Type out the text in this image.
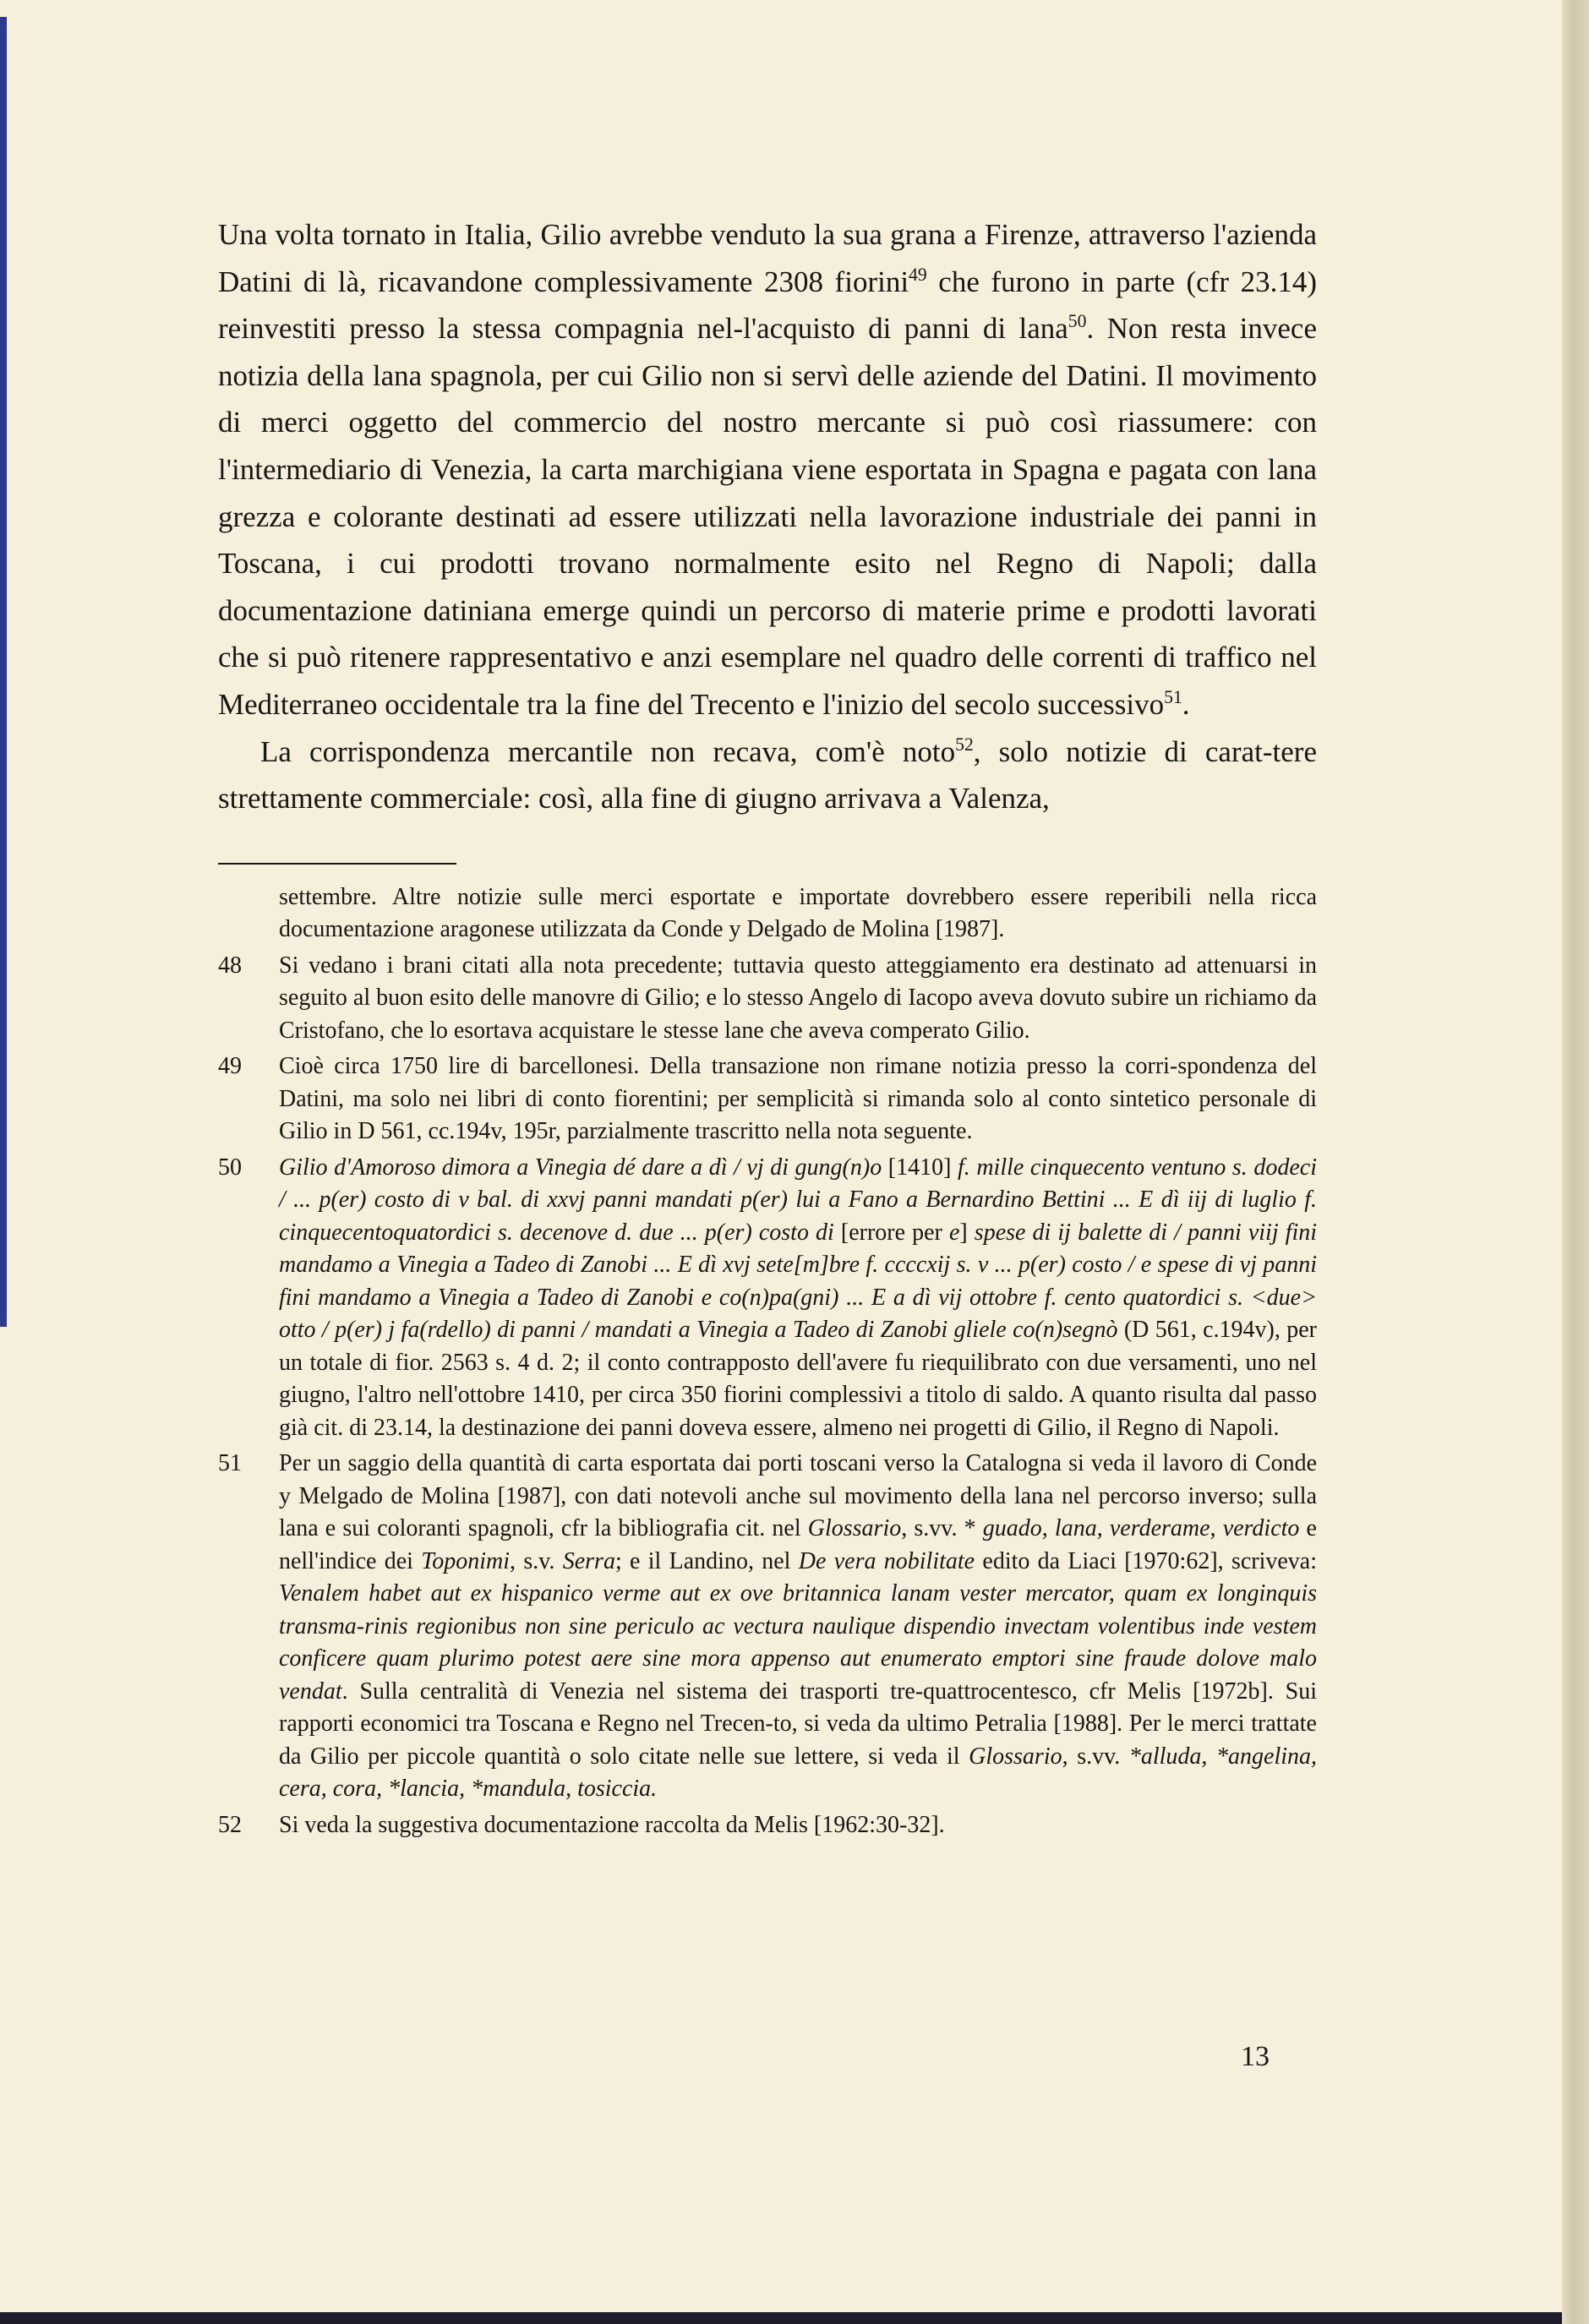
Una volta tornato in Italia, Gilio avrebbe venduto la sua grana a Firenze, attraverso l'azienda Datini di là, ricavandone complessivamente 2308 fiorini$^{49}$ che furono in parte (cfr 23.14) reinvestiti presso la stessa compagnia nel-l'acquisto di panni di lana$^{50}$. Non resta invece notizia della lana spagnola, per cui Gilio non si servì delle aziende del Datini. Il movimento di merci oggetto del commercio del nostro mercante si può così riassumere: con l'intermediario di Venezia, la carta marchigiana viene esportata in Spagna e pagata con lana grezza e colorante destinati ad essere utilizzati nella lavorazione industriale dei panni in Toscana, i cui prodotti trovano normalmente esito nel Regno di Napoli; dalla documentazione datiniana emerge quindi un percorso di materie prime e prodotti lavorati che si può ritenere rappresentativo e anzi esemplare nel quadro delle correnti di traffico nel Mediterraneo occidentale tra la fine del Trecento e l'inizio del secolo successivo$^{51}$.

La corrispondenza mercantile non recava, com'è noto$^{52}$, solo notizie di carat-tere strettamente commerciale: così, alla fine di giugno arrivava a Valenza,

settembre. Altre notizie sulle merci esportate e importate dovrebbero essere reperibili nella ricca documentazione aragonese utilizzata da Conde y Delgado de Molina [1987].
48 Si vedano i brani citati alla nota precedente; tuttavia questo atteggiamento era destinato ad attenuarsi in seguito al buon esito delle manovre di Gilio; e lo stesso Angelo di Iacopo aveva dovuto subire un richiamo da Cristofano, che lo esortava acquistare le stesse lane che aveva comperato Gilio.
49 Cioè circa 1750 lire di barcellonesi. Della transazione non rimane notizia presso la corri-spondenza del Datini, ma solo nei libri di conto fiorentini; per semplicità si rimanda solo al conto sintetico personale di Gilio in D 561, cc.194v, 195r, parzialmente trascritto nella nota seguente.
50 Gilio d'Amoroso dimora a Vinegia dé dare a dì / vj di gung(n)o [1410] f. mille cinquecento ventuno s. dodeci / ... p(er) costo di v bal. di xxvj panni mandati p(er) lui a Fano a Bernardino Bettini ... E dì iij di luglio f. cinquecentoquatordici s. decenove d. due ... p(er) costo di [errore per e] spese di ij balette di / panni viij fini mandamo a Vinegia a Tadeo di Zanobi ... E dì xvj sete[m]bre f. ccccxij s. v ... p(er) costo / e spese di vj panni fini mandamo a Vinegia a Tadeo di Zanobi e co(n)pa(gni) ... E a dì vij ottobre f. cento quatordici s. <due> otto / p(er) j fa(rdello) di panni / mandati a Vinegia a Tadeo di Zanobi gliele co(n)segnò (D 561, c.194v), per un totale di fior. 2563 s. 4 d. 2; il conto contrapposto dell'avere fu riequilibrato con due versamenti, uno nel giugno, l'altro nell'ottobre 1410, per circa 350 fiorini complessivi a titolo di saldo. A quanto risulta dal passo già cit. di 23.14, la destinazione dei panni doveva essere, almeno nei progetti di Gilio, il Regno di Napoli.
51 Per un saggio della quantità di carta esportata dai porti toscani verso la Catalogna si veda il lavoro di Conde y Melgado de Molina [1987], con dati notevoli anche sul movimento della lana nel percorso inverso; sulla lana e sui coloranti spagnoli, cfr la bibliografia cit. nel Glossario, s.vv. * guado, lana, verderame, verdicto e nell'indice dei Toponimi, s.v. Serra; e il Landino, nel De vera nobilitate edito da Liaci [1970:62], scriveva: Venalem habet aut ex hispanico verme aut ex ove britannica lanam vester mercator, quam ex longinquis transma-rinis regionibus non sine periculo ac vectura naulique dispendio invectam volentibus inde vestem conficere quam plurimo potest aere sine mora appenso aut enumerato emptori sine fraude dolove malo vendat. Sulla centralità di Venezia nel sistema dei trasporti tre-quattrocentesco, cfr Melis [1972b]. Sui rapporti economici tra Toscana e Regno nel Trecen-to, si veda da ultimo Petralia [1988]. Per le merci trattate da Gilio per piccole quantità o solo citate nelle sue lettere, si veda il Glossario, s.vv. *alluda, *angelina, cera, cora, *lancia, *mandula, tosiccia.
52 Si veda la suggestiva documentazione raccolta da Melis [1962:30-32].
13
